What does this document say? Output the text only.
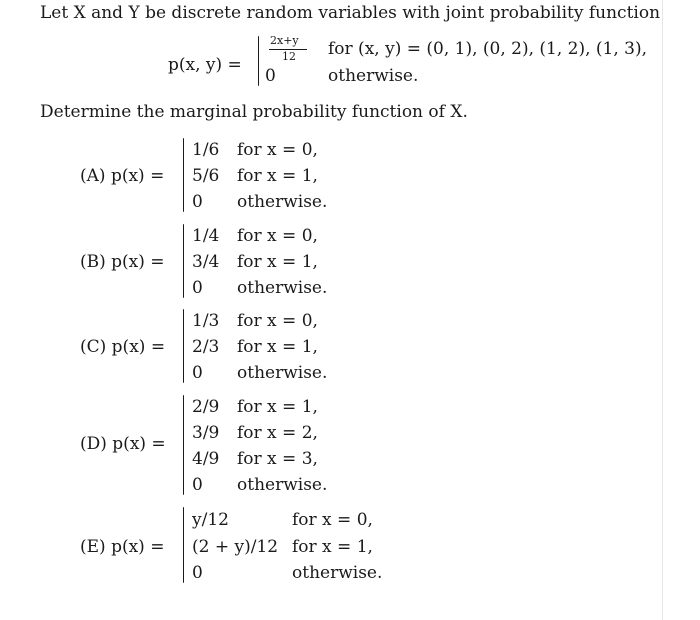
Let X and Y be discrete random variables with joint probability function
p(x, y) =
2x+y
12 for (x, y) = (0, 1), (0, 2), (1, 2), (1, 3),
0	otherwise.
Determine the marginal probability function of X.
(A) p(x) =
1/6 for x = 0,
5/6 for x = 1,
0 otherwise.
(B) p(x) =
1/4 for x = 0,
3/4 for x = 1,
0 otherwise.
(C) p(x) =
1/3 for x = 0,
2/3 for x = 1,
0 otherwise.
(D) p(x) =
2/9 for x = 1,
3/9 for x = 2,
4/9 for x = 3,
0 otherwise.
(E) p(x) =
y/12	for x = 0,
(2 + y)/12 for x = 1,
0	otherwise.
